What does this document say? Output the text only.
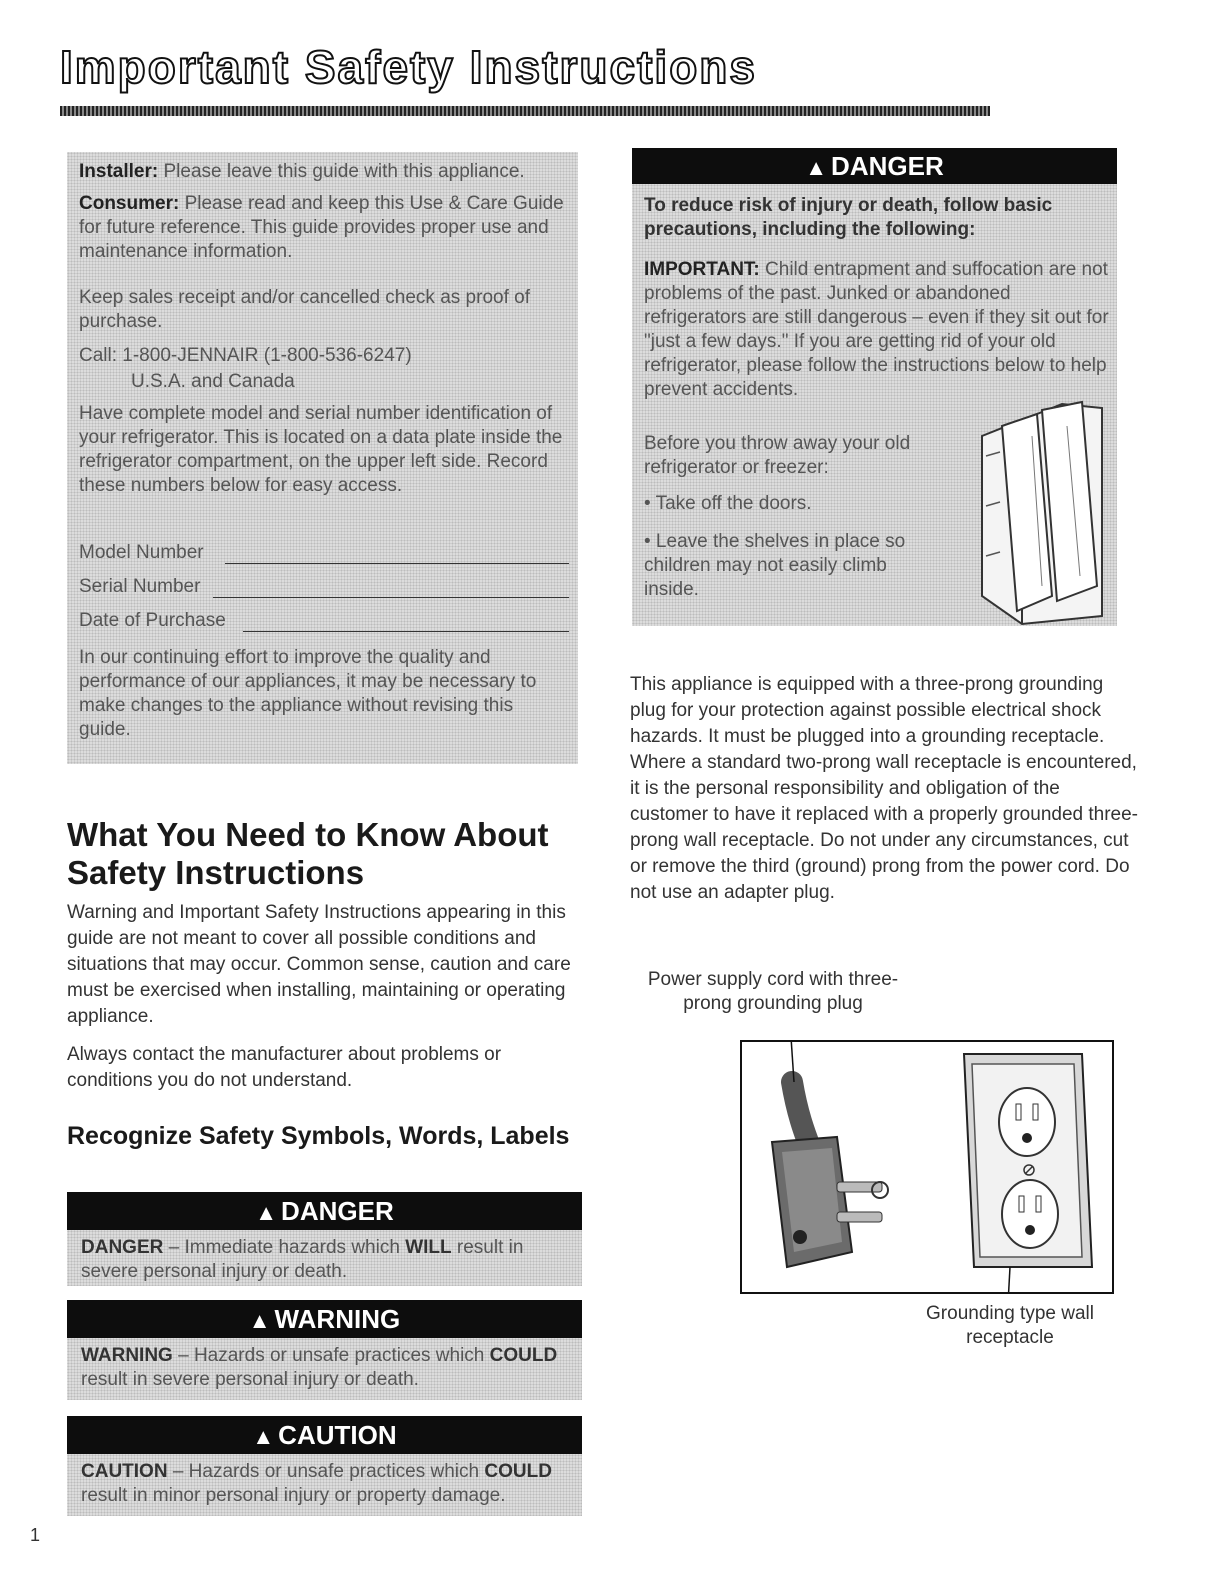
Important Safety Instructions

Installer: Please leave this guide with this appliance.

Consumer: Please read and keep this Use & Care Guide for future reference. This guide provides proper use and maintenance information.

Keep sales receipt and/or cancelled check as proof of purchase.

Call: 1-800-JENNAIR (1-800-536-6247)

U.S.A. and Canada

Have complete model and serial number identification of your refrigerator. This is located on a data plate inside the refrigerator compartment, on the upper left side. Record these numbers below for easy access.

Model Number
Serial Number
Date of Purchase

In our continuing effort to improve the quality and performance of our appliances, it may be necessary to make changes to the appliance without revising this guide.

What You Need to Know About Safety Instructions

Warning and Important Safety Instructions appearing in this guide are not meant to cover all possible conditions and situations that may occur. Common sense, caution and care must be exercised when installing, maintaining or operating appliance.

Always contact the manufacturer about problems or conditions you do not understand.

Recognize Safety Symbols, Words, Labels
▲ DANGER
DANGER – Immediate hazards which WILL result in severe personal injury or death.
▲ WARNING
WARNING – Hazards or unsafe practices which COULD result in severe personal injury or death.
▲ CAUTION
CAUTION – Hazards or unsafe practices which COULD result in minor personal injury or property damage.
▲ DANGER

To reduce risk of injury or death, follow basic precautions, including the following:

IMPORTANT: Child entrapment and suffocation are not problems of the past. Junked or abandoned refrigerators are still dangerous – even if they sit out for "just a few days." If you are getting rid of your old refrigerator, please follow the instructions below to help prevent accidents.

Before you throw away your old refrigerator or freezer:

• Take off the doors.

• Leave the shelves in place so children may not easily climb inside.

This appliance is equipped with a three-prong grounding plug for your protection against possible electrical shock hazards. It must be plugged into a grounding receptacle. Where a standard two-prong wall receptacle is encountered, it is the personal responsibility and obligation of the customer to have it replaced with a properly grounded three-prong wall receptacle. Do not under any circumstances, cut or remove the third (ground) prong from the power cord. Do not use an adapter plug.

Power supply cord with three-prong grounding plug
Grounding type wall receptacle
1
